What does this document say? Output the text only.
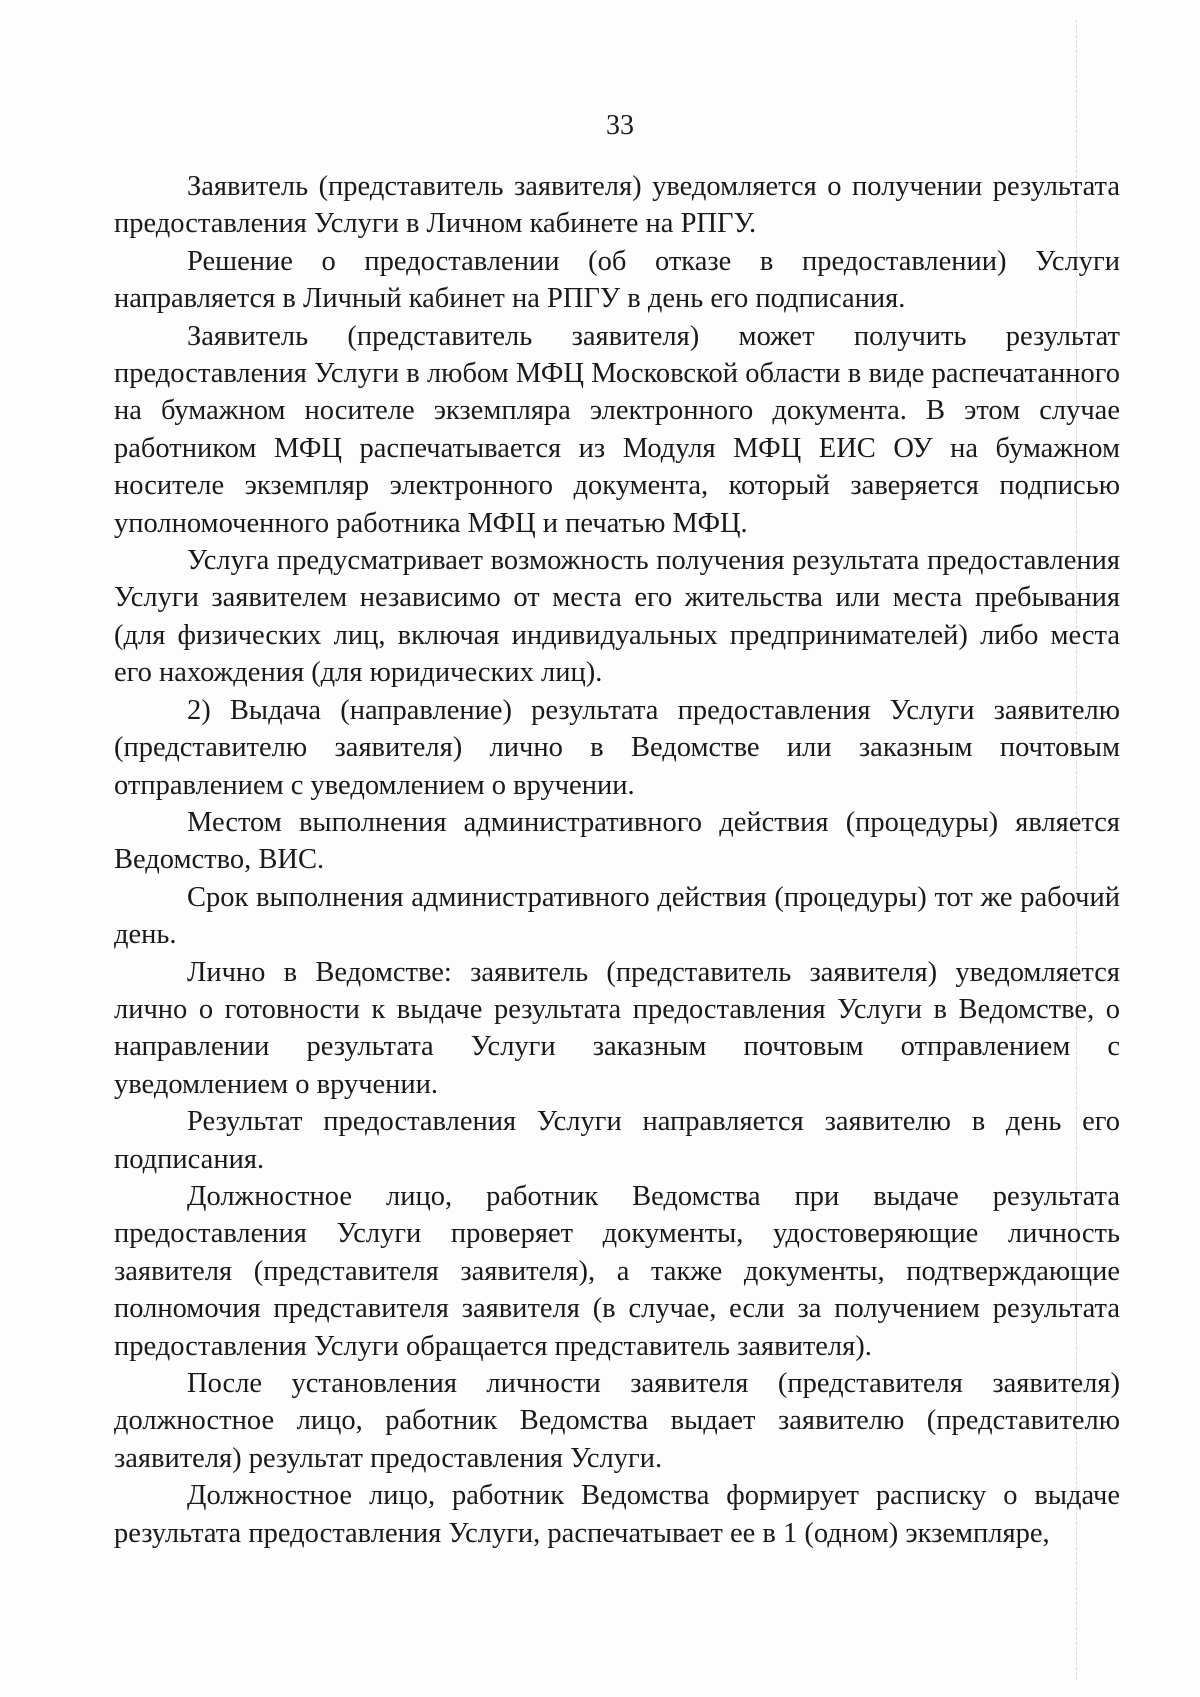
33

Заявитель (представитель заявителя) уведомляется о получении результата предоставления Услуги в Личном кабинете на РПГУ.

Решение о предоставлении (об отказе в предоставлении) Услуги направляется в Личный кабинет на РПГУ в день его подписания.

Заявитель (представитель заявителя) может получить результат предоставления Услуги в любом МФЦ Московской области в виде распечатанного на бумажном носителе экземпляра электронного документа. В этом случае работником МФЦ распечатывается из Модуля МФЦ ЕИС ОУ на бумажном носителе экземпляр электронного документа, который заверяется подписью уполномоченного работника МФЦ и печатью МФЦ.

Услуга предусматривает возможность получения результата предоставления Услуги заявителем независимо от места его жительства или места пребывания (для физических лиц, включая индивидуальных предпринимателей) либо места его нахождения (для юридических лиц).

2) Выдача (направление) результата предоставления Услуги заявителю (представителю заявителя) лично в Ведомстве или заказным почтовым отправлением с уведомлением о вручении.

Местом выполнения административного действия (процедуры) является Ведомство, ВИС.

Срок выполнения административного действия (процедуры) тот же рабочий день.

Лично в Ведомстве: заявитель (представитель заявителя) уведомляется лично о готовности к выдаче результата предоставления Услуги в Ведомстве, о направлении результата Услуги заказным почтовым отправлением с уведомлением о вручении.

Результат предоставления Услуги направляется заявителю в день его подписания.

Должностное лицо, работник Ведомства при выдаче результата предоставления Услуги проверяет документы, удостоверяющие личность заявителя (представителя заявителя), а также документы, подтверждающие полномочия представителя заявителя (в случае, если за получением результата предоставления Услуги обращается представитель заявителя).

После установления личности заявителя (представителя заявителя) должностное лицо, работник Ведомства выдает заявителю (представителю заявителя) результат предоставления Услуги.

Должностное лицо, работник Ведомства формирует расписку о выдаче результата предоставления Услуги, распечатывает ее в 1 (одном) экземпляре,
